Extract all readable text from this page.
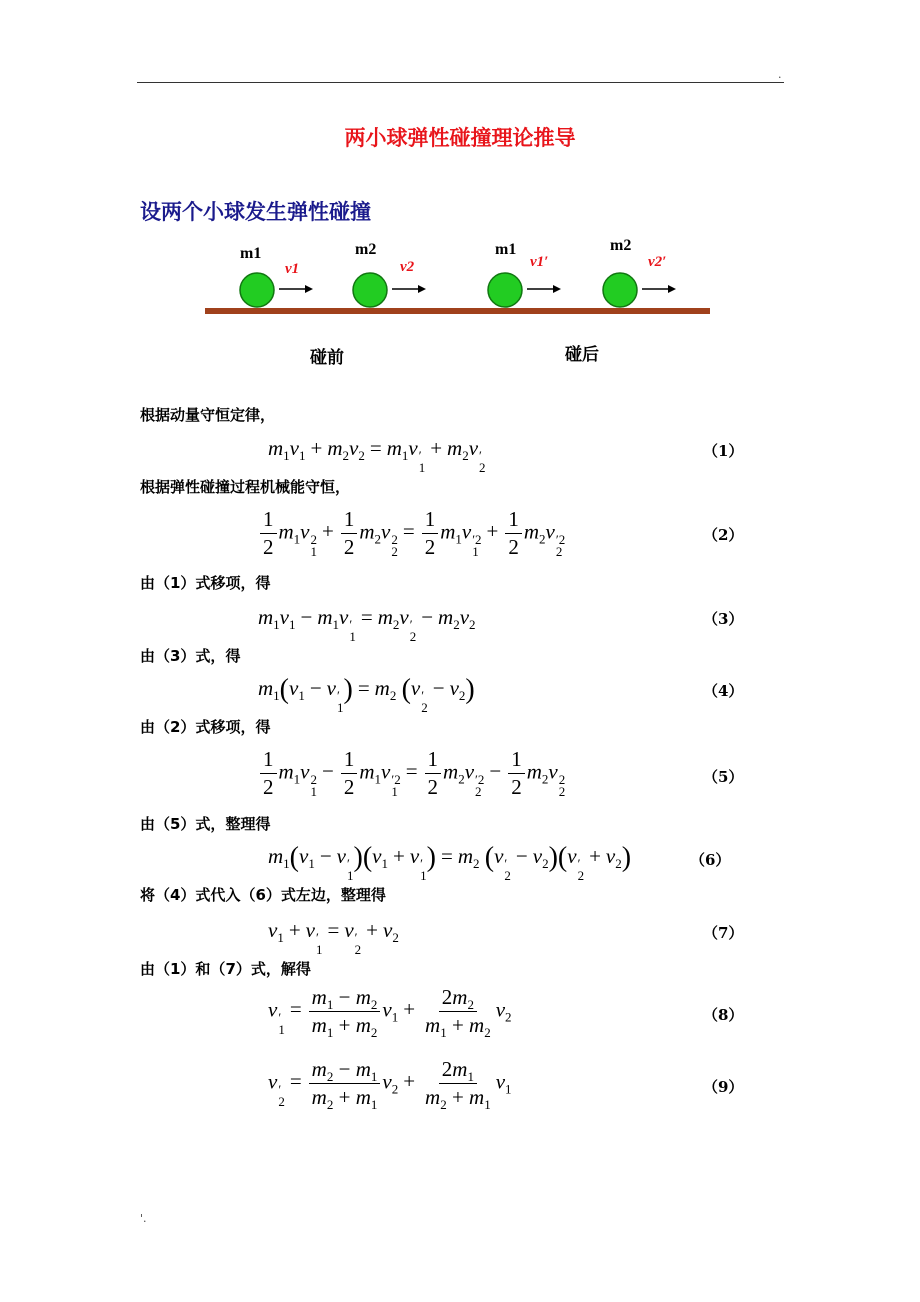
.
两小球弹性碰撞理论推导
设两个小球发生弹性碰撞
m1
v1
m2
v2
m1
v1′
m2
v2′
碰前	碰后
根据动量守恒定律，
$m_1v_1 + m_2v_2 = m_1v$ ′
1
+ $m_2v$ ′
2
（1）
根据弹性碰撞过程机械能守恒，
$\frac{1}{2} m_1v$ 2
1
+ $\frac{1}{2} m_2v$ 2
2
= $\frac{1}{2} m_1v$ ′2
1
+ $\frac{1}{2} m_2v$ ′2
2
（2）
由（1）式移项，得
$m_1v_1 - m_1v$ ′
1
= $m_2v$ ′
2
− $m_2v_2$	（3）
由（3）式，得
$m_1(v_1 - v$ ′
1
) = $m_2$ (v ′
2
− $v_2$)	（4）
由（2）式移项，得
$\frac{1}{2} m_1v$ 2
1
− $\frac{1}{2} m_1v$ ′2
1
= $\frac{1}{2} m_2v$ ′2
2
− $\frac{1}{2} m_2v$ 2
2
（5）
由（5）式，整理得
$m_1(v_1 - v$ ′
1
)($v_1 + v$ ′
1
) = $m_2$ (v ′
2
− $v_2)(v$ ′
2
+ $v_2$)	（6）
将（4）式代入（6）式左边，整理得
$v_1 + v$ ′
1
= v ′
2
+ $v_2$	（7）
由（1）和（7）式，解得
v ′
1
= $\frac{m_1 - m_2}{m_1 + m_2} v_1 + \frac{2m_2}{m_1 + m_2} v_2$	（8）
v ′
2
= $\frac{m_2 - m_1}{m_2 + m_1} v_2 + \frac{2m_1}{m_2 + m_1} v_1$	（9）
'.
